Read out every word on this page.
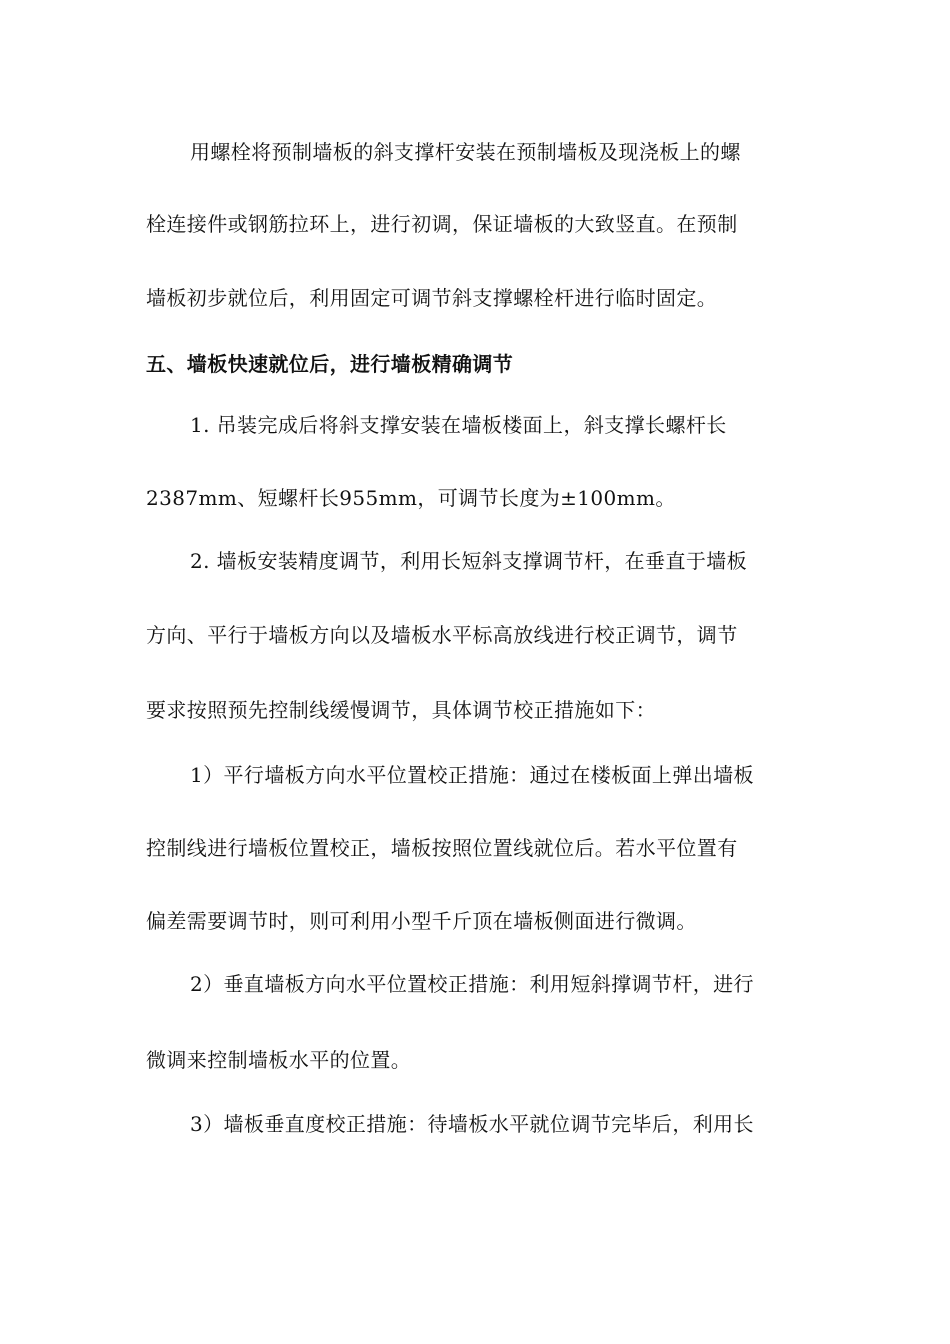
用螺栓将预制墙板的斜支撑杆安装在预制墙板及现浇板上的螺
栓连接件或钢筋拉环上，进行初调，保证墙板的大致竖直。在预制
墙板初步就位后，利用固定可调节斜支撑螺栓杆进行临时固定。
五、墙板快速就位后，进行墙板精确调节
1. 吊装完成后将斜支撑安装在墙板楼面上，斜支撑长螺杆长
2387mm、短螺杆长955mm，可调节长度为±100mm。
2. 墙板安装精度调节，利用长短斜支撑调节杆，在垂直于墙板
方向、平行于墙板方向以及墙板水平标高放线进行校正调节，调节
要求按照预先控制线缓慢调节，具体调节校正措施如下：
1）平行墙板方向水平位置校正措施：通过在楼板面上弹出墙板
控制线进行墙板位置校正，墙板按照位置线就位后。若水平位置有
偏差需要调节时，则可利用小型千斤顶在墙板侧面进行微调。
2）垂直墙板方向水平位置校正措施：利用短斜撑调节杆，进行
微调来控制墙板水平的位置。
3）墙板垂直度校正措施：待墙板水平就位调节完毕后，利用长
